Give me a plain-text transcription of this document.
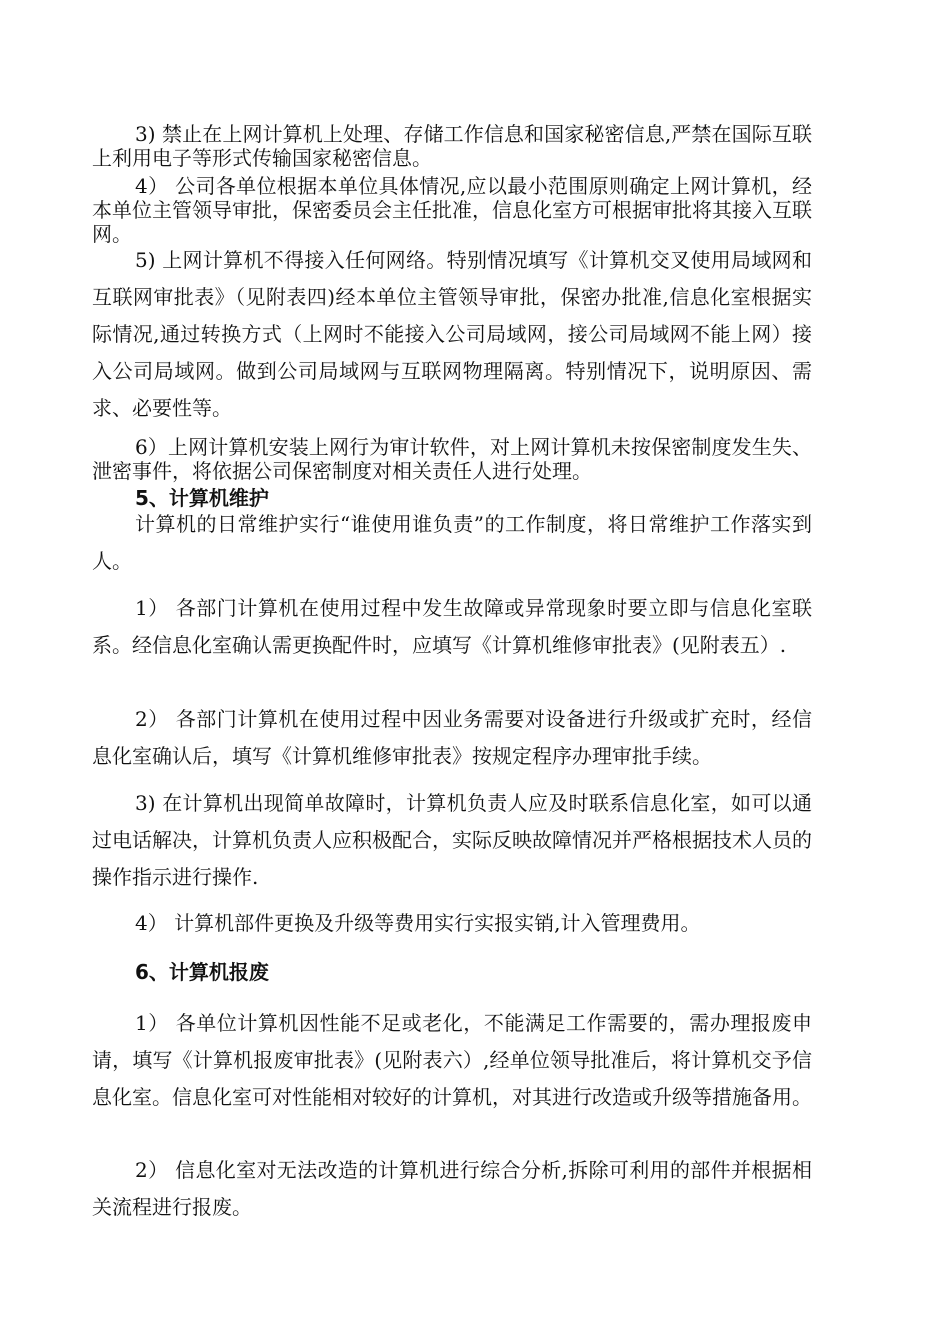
3) 禁止在上网计算机上处理、存储工作信息和国家秘密信息,严禁在国际互联上利用电子等形式传输国家秘密信息。

4） 公司各单位根据本单位具体情况,应以最小范围原则确定上网计算机，经本单位主管领导审批，保密委员会主任批准，信息化室方可根据审批将其接入互联网。

5) 上网计算机不得接入任何网络。特别情况填写《计算机交叉使用局域网和互联网审批表》（见附表四)经本单位主管领导审批，保密办批准,信息化室根据实际情况,通过转换方式（上网时不能接入公司局域网，接公司局域网不能上网）接入公司局域网。做到公司局域网与互联网物理隔离。特别情况下，说明原因、需求、必要性等。

6）上网计算机安装上网行为审计软件，对上网计算机未按保密制度发生失、泄密事件，将依据公司保密制度对相关责任人进行处理。

5、计算机维护

计算机的日常维护实行“谁使用谁负责”的工作制度，将日常维护工作落实到人。

1） 各部门计算机在使用过程中发生故障或异常现象时要立即与信息化室联系。经信息化室确认需更换配件时，应填写《计算机维修审批表》(见附表五）.

2） 各部门计算机在使用过程中因业务需要对设备进行升级或扩充时，经信息化室确认后，填写《计算机维修审批表》按规定程序办理审批手续。

3) 在计算机出现简单故障时，计算机负责人应及时联系信息化室，如可以通过电话解决，计算机负责人应积极配合，实际反映故障情况并严格根据技术人员的操作指示进行操作.

4） 计算机部件更换及升级等费用实行实报实销,计入管理费用。

6、计算机报废

1） 各单位计算机因性能不足或老化，不能满足工作需要的，需办理报废申请，填写《计算机报废审批表》(见附表六）,经单位领导批准后，将计算机交予信息化室。信息化室可对性能相对较好的计算机，对其进行改造或升级等措施备用。

2） 信息化室对无法改造的计算机进行综合分析,拆除可利用的部件并根据相关流程进行报废。
